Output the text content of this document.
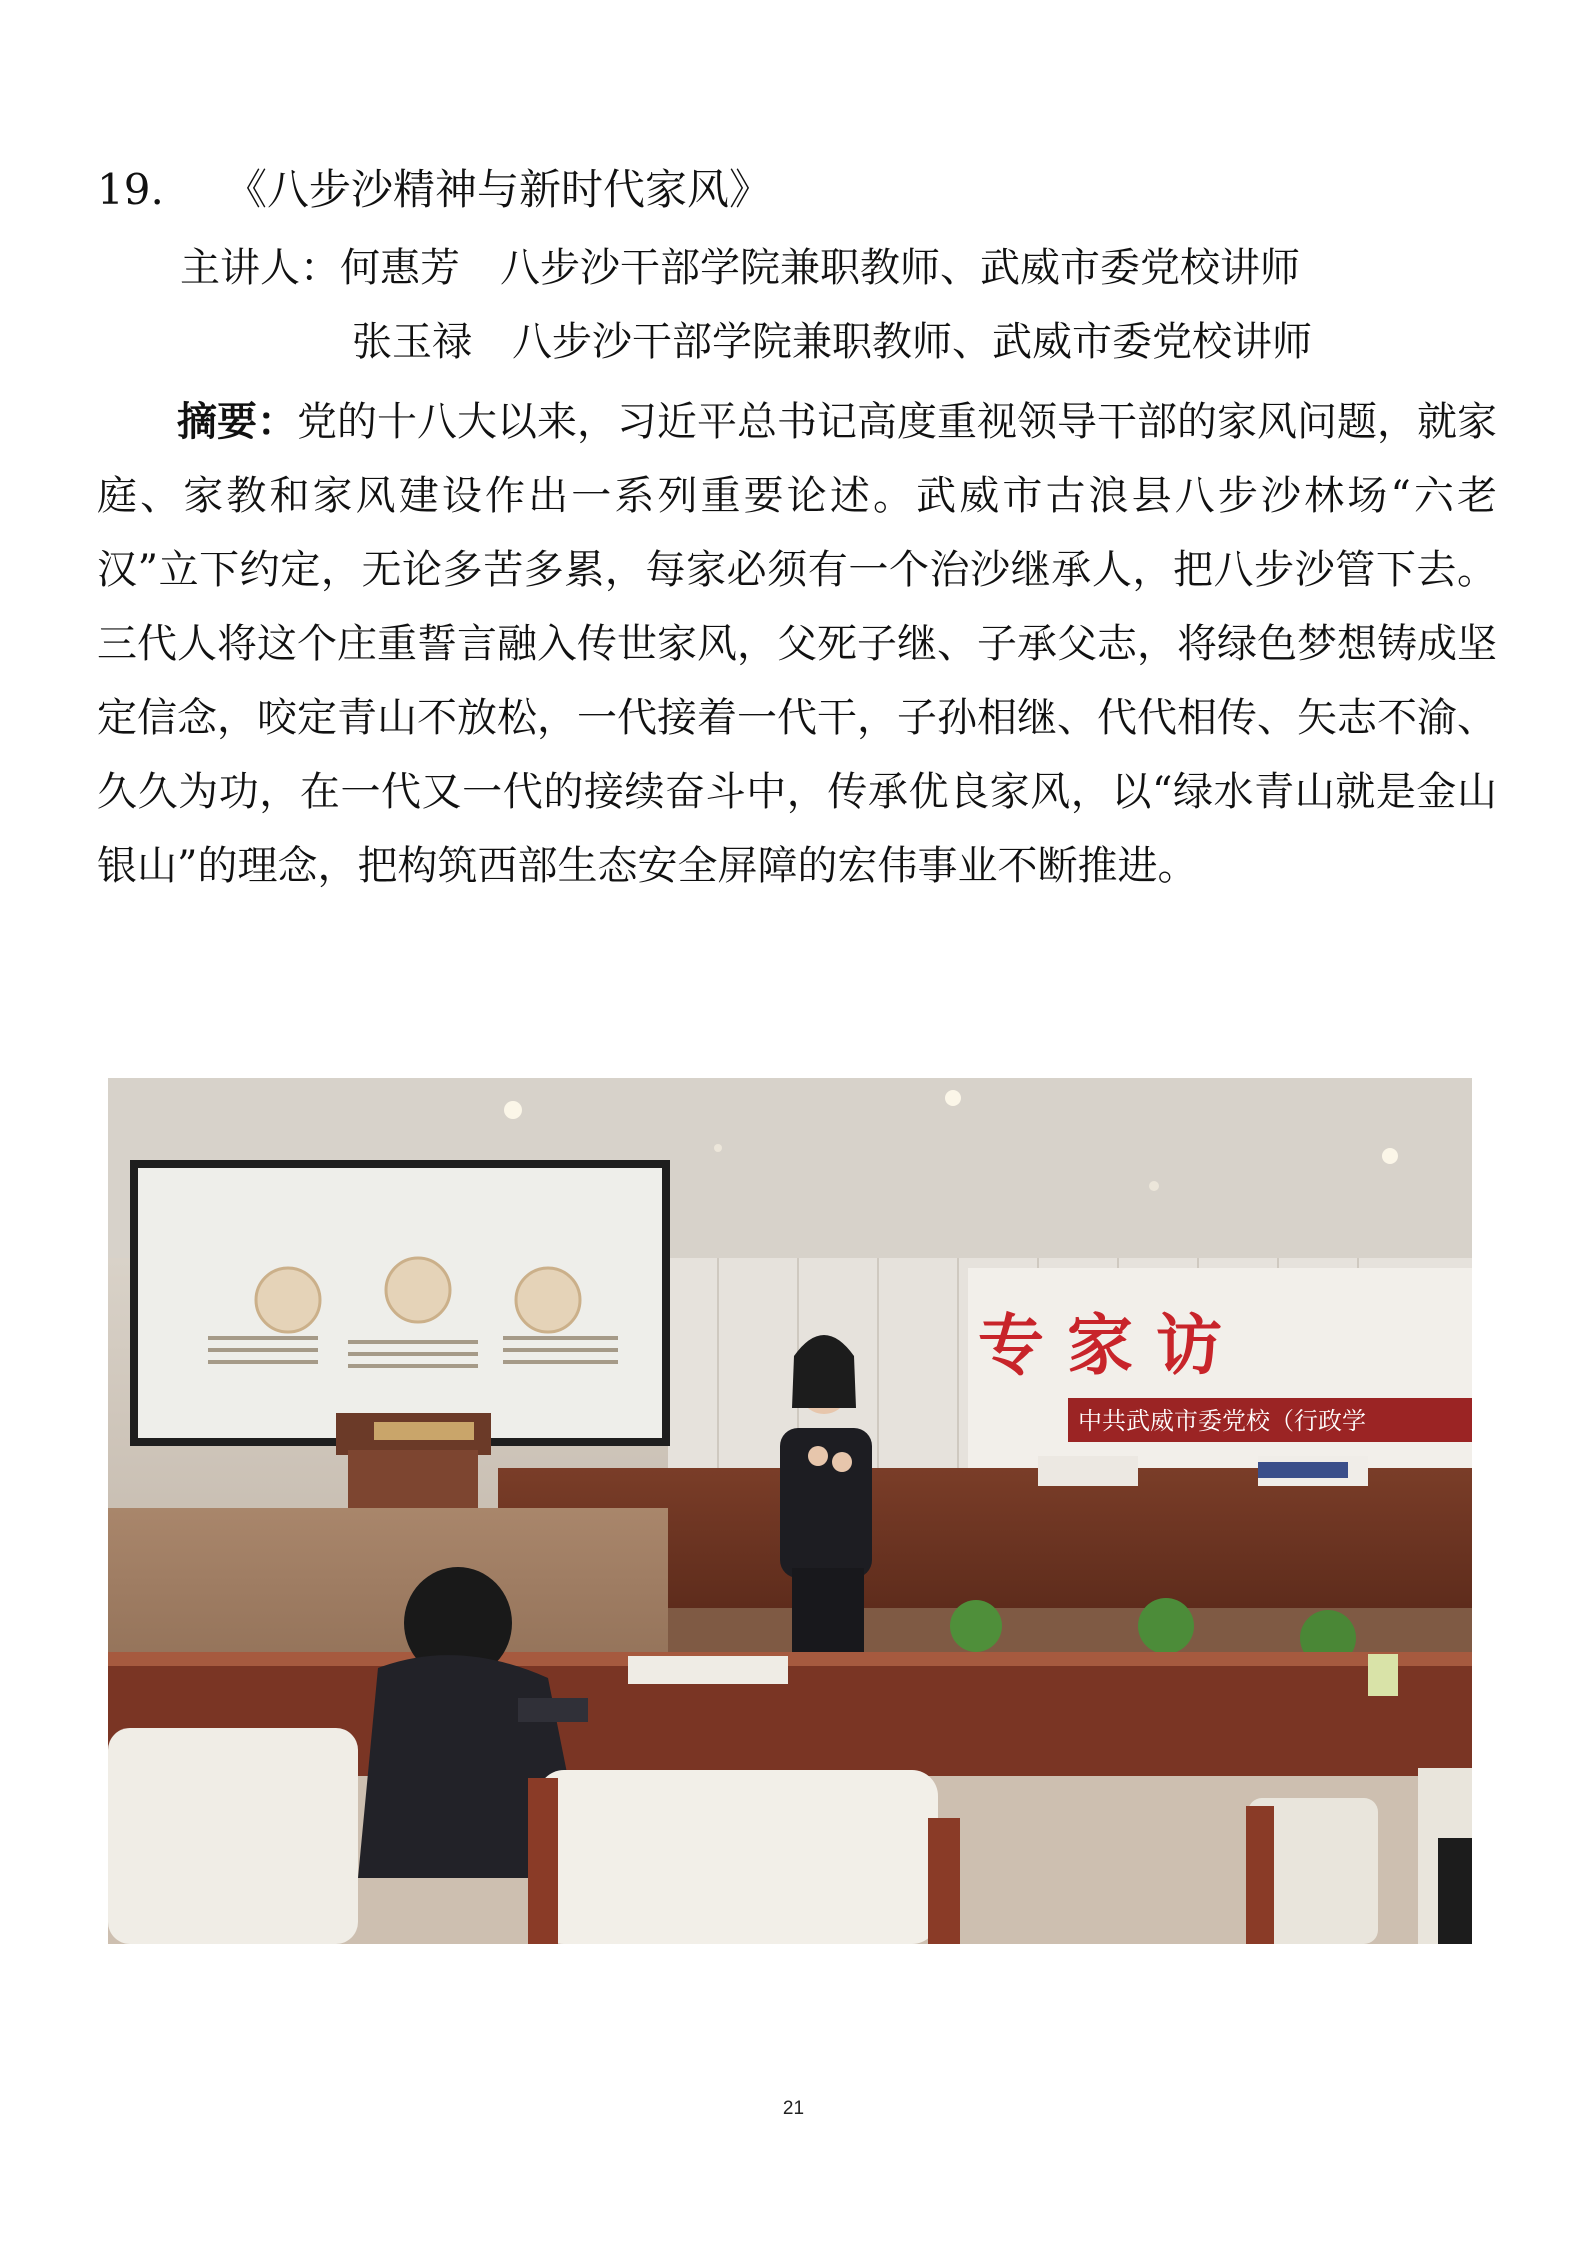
19. 《八步沙精神与新时代家风》
主讲人：何惠芳 八步沙干部学院兼职教师、武威市委党校讲师
张玉禄 八步沙干部学院兼职教师、武威市委党校讲师
摘要：党的十八大以来，习近平总书记高度重视领导干部的家风问题，就家庭、家教和家风建设作出一系列重要论述。武威市古浪县八步沙林场“六老汉”立下约定，无论多苦多累，每家必须有一个治沙继承人，把八步沙管下去。三代人将这个庄重誓言融入传世家风，父死子继、子承父志，将绿色梦想铸成坚定信念，咬定青山不放松，一代接着一代干，子孙相继、代代相传、矢志不渝、久久为功，在一代又一代的接续奋斗中，传承优良家风，以“绿水青山就是金山银山”的理念，把构筑西部生态安全屏障的宏伟事业不断推进。
专 家 访
中共武威市委党校（行政学
21
